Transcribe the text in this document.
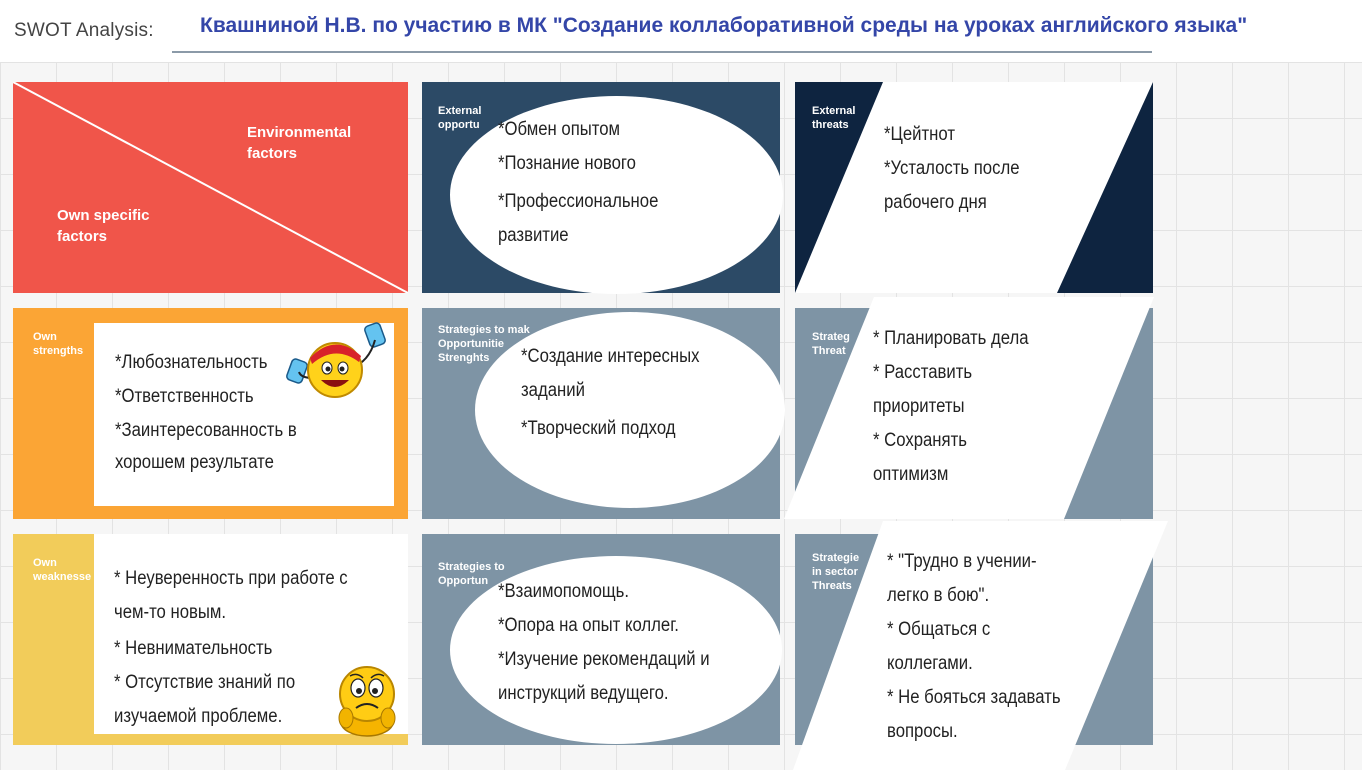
SWOT Analysis: Квашниной Н.В. по участию в МК "Создание коллаборативной среды на уроках английского языка"
Environmental
factors
Own specific
factors
External
opportu *Обмен опытом
*Познание нового
*Профессиональное
развитие
External
threats	*Цейтнот
*Усталость после
рабочего дня
Own
strengths
*Любознательность
*Ответственность
*Заинтересованность в
хорошем результате
Strategies to mak
Opportunitie
Strenghts	*Создание интересных
заданий
*Творческий подход
Strateg
Threat
* Планировать дела
* Расставить
приоритеты
* Сохранять
оптимизм
Own
weaknesse * Неуверенность при работе с
чем-то новым.
* Невнимательность
* Отсутствие знаний по
изучаемой проблеме.
Strategies to
Opportun *Взаимопомощь.
*Опора на опыт коллег.
*Изучение рекомендаций и
инструкций ведущего.
Strategie
in sector
Threats
* "Трудно в учении-
легко в бою".
* Общаться с
коллегами.
* Не бояться задавать
вопросы.
